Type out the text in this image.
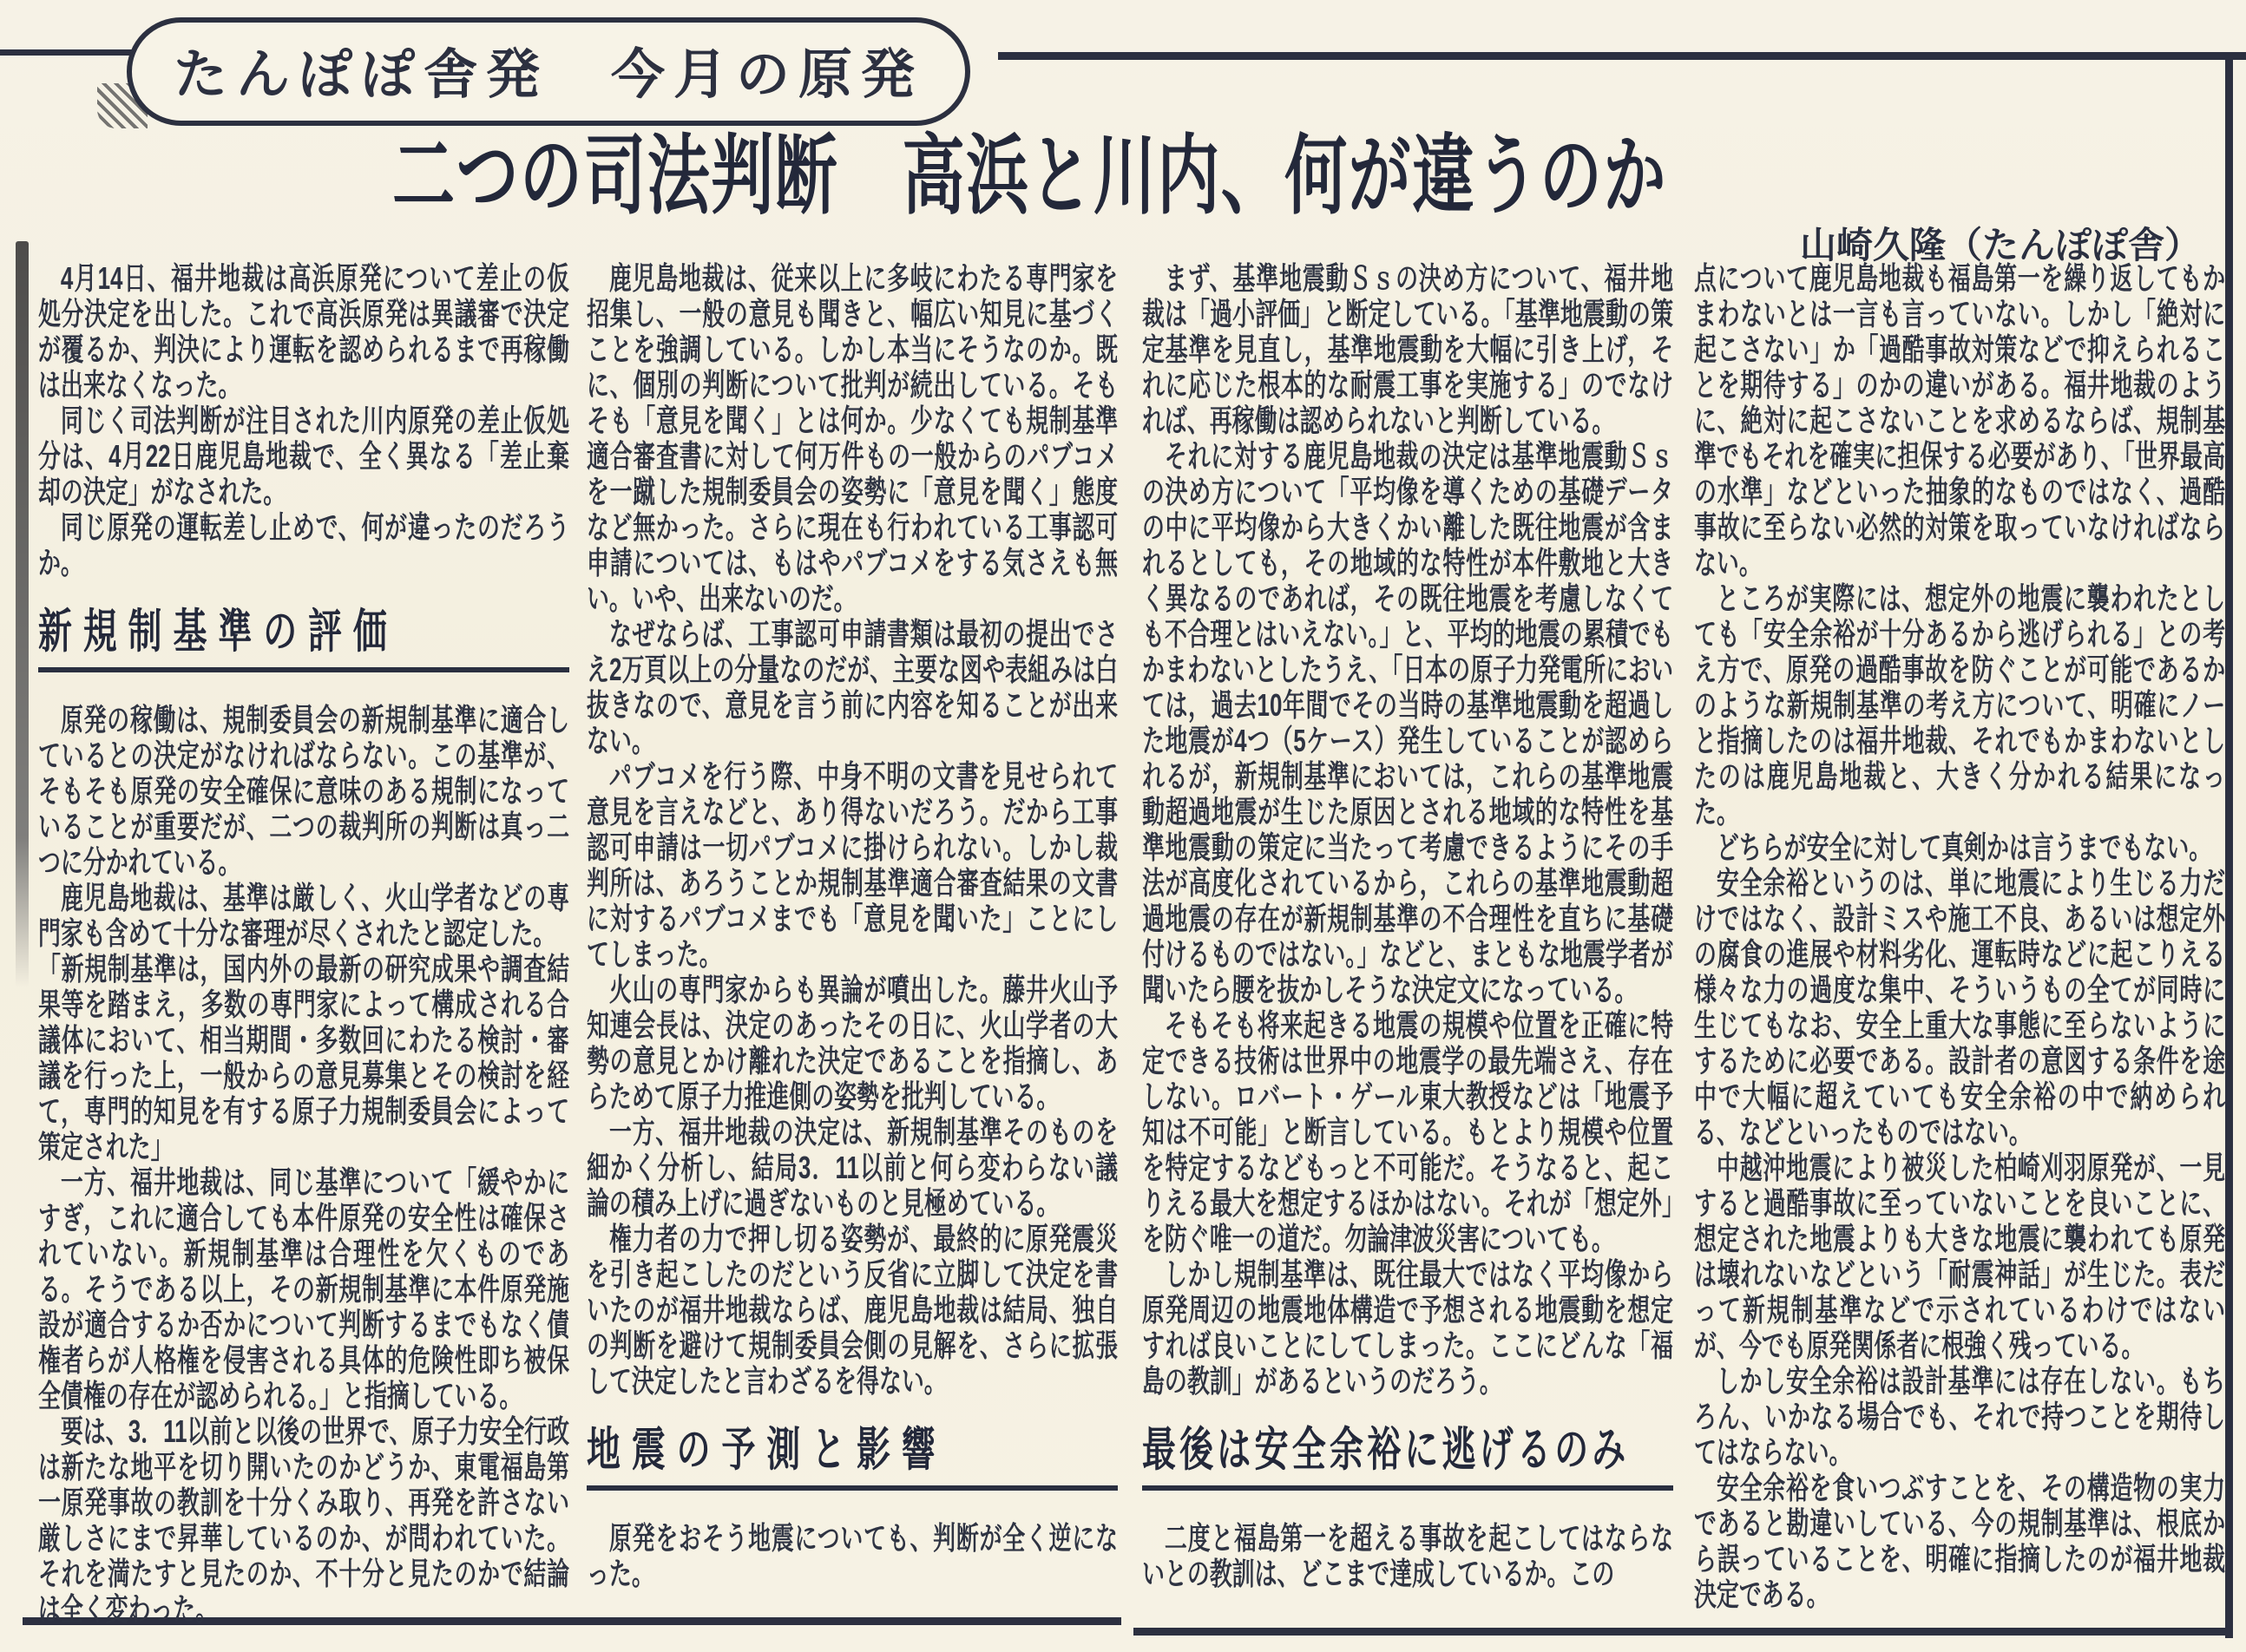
たんぽぽ舎発　今月の原発
二つの司法判断　高浜と川内、何が違うのか
山崎久隆（たんぽぽ舎）

4月14日、福井地裁は高浜原発について差止の仮処分決定を出した。これで高浜原発は異議審で決定が覆るか、判決により運転を認められるまで再稼働は出来なくなった。

同じく司法判断が注目された川内原発の差止仮処分は、4月22日鹿児島地裁で、全く異なる「差止棄却の決定」がなされた。

同じ原発の運転差し止めで、何が違ったのだろうか。

新規制基準の評価

原発の稼働は、規制委員会の新規制基準に適合しているとの決定がなければならない。この基準が、そもそも原発の安全確保に意味のある規制になっていることが重要だが、二つの裁判所の判断は真っ二つに分かれている。

鹿児島地裁は、基準は厳しく、火山学者などの専門家も含めて十分な審理が尽くされたと認定した。

「新規制基準は，国内外の最新の研究成果や調査結果等を踏まえ，多数の専門家によって構成される合議体において、相当期間・多数回にわたる検討・審議を行った上，一般からの意見募集とその検討を経て，専門的知見を有する原子力規制委員会によって策定された」

一方、福井地裁は、同じ基準について「緩やかにすぎ，これに適合しても本件原発の安全性は確保されていない。新規制基準は合理性を欠くものである。そうである以上，その新規制基準に本件原発施設が適合するか否かについて判断するまでもなく債権者らが人格権を侵害される具体的危険性即ち被保全債権の存在が認められる。」と指摘している。

要は、3．11以前と以後の世界で、原子力安全行政は新たな地平を切り開いたのかどうか、東電福島第一原発事故の教訓を十分くみ取り、再発を許さない厳しさにまで昇華しているのか、が問われていた。それを満たすと見たのか、不十分と見たのかで結論は全く変わった。

鹿児島地裁は、従来以上に多岐にわたる専門家を招集し、一般の意見も聞きと、幅広い知見に基づくことを強調している。しかし本当にそうなのか。既に、個別の判断について批判が続出している。そもそも「意見を聞く」とは何か。少なくても規制基準適合審査書に対して何万件もの一般からのパブコメを一蹴した規制委員会の姿勢に「意見を聞く」態度など無かった。さらに現在も行われている工事認可申請については、もはやパブコメをする気さえも無い。いや、出来ないのだ。

なぜならば、工事認可申請書類は最初の提出でさえ2万頁以上の分量なのだが、主要な図や表組みは白抜きなので、意見を言う前に内容を知ることが出来ない。

パブコメを行う際、中身不明の文書を見せられて意見を言えなどと、あり得ないだろう。だから工事認可申請は一切パブコメに掛けられない。しかし裁判所は、あろうことか規制基準適合審査結果の文書に対するパブコメまでも「意見を聞いた」ことにしてしまった。

火山の専門家からも異論が噴出した。藤井火山予知連会長は、決定のあったその日に、火山学者の大勢の意見とかけ離れた決定であることを指摘し、あらためて原子力推進側の姿勢を批判している。

一方、福井地裁の決定は、新規制基準そのものを細かく分析し、結局3．11以前と何ら変わらない議論の積み上げに過ぎないものと見極めている。

権力者の力で押し切る姿勢が、最終的に原発震災を引き起こしたのだという反省に立脚して決定を書いたのが福井地裁ならば、鹿児島地裁は結局、独自の判断を避けて規制委員会側の見解を、さらに拡張して決定したと言わざるを得ない。

地震の予測と影響

原発をおそう地震についても、判断が全く逆になった。

まず、基準地震動Ｓｓの決め方について、福井地裁は「過小評価」と断定している。「基準地震動の策定基準を見直し，基準地震動を大幅に引き上げ，それに応じた根本的な耐震工事を実施する」のでなければ、再稼働は認められないと判断している。

それに対する鹿児島地裁の決定は基準地震動Ｓｓの決め方について「平均像を導くための基礎データの中に平均像から大きくかい離した既往地震が含まれるとしても，その地域的な特性が本件敷地と大きく異なるのであれば，その既往地震を考慮しなくても不合理とはいえない。」と、平均的地震の累積でもかまわないとしたうえ、「日本の原子力発電所においては，過去10年間でその当時の基準地震動を超過した地震が4つ（5ケース）発生していることが認められるが，新規制基準においては，これらの基準地震動超過地震が生じた原因とされる地域的な特性を基準地震動の策定に当たって考慮できるようにその手法が高度化されているから，これらの基準地震動超過地震の存在が新規制基準の不合理性を直ちに基礎付けるものではない。」などと、まともな地震学者が聞いたら腰を抜かしそうな決定文になっている。

そもそも将来起きる地震の規模や位置を正確に特定できる技術は世界中の地震学の最先端さえ、存在しない。ロバート・ゲール東大教授などは「地震予知は不可能」と断言している。もとより規模や位置を特定するなどもっと不可能だ。そうなると、起こりえる最大を想定するほかはない。それが「想定外」を防ぐ唯一の道だ。勿論津波災害についても。

しかし規制基準は、既往最大ではなく平均像から原発周辺の地震地体構造で予想される地震動を想定すれば良いことにしてしまった。ここにどんな「福島の教訓」があるというのだろう。

最後は安全余裕に逃げるのみ

二度と福島第一を超える事故を起こしてはならないとの教訓は、どこまで達成しているか。この

点について鹿児島地裁も福島第一を繰り返してもかまわないとは一言も言っていない。しかし「絶対に起こさない」か「過酷事故対策などで抑えられることを期待する」のかの違いがある。福井地裁のように、絶対に起こさないことを求めるならば、規制基準でもそれを確実に担保する必要があり、「世界最高の水準」などといった抽象的なものではなく、過酷事故に至らない必然的対策を取っていなければならない。

ところが実際には、想定外の地震に襲われたとしても「安全余裕が十分あるから逃げられる」との考え方で、原発の過酷事故を防ぐことが可能であるかのような新規制基準の考え方について、明確にノーと指摘したのは福井地裁、それでもかまわないとしたのは鹿児島地裁と、大きく分かれる結果になった。

どちらが安全に対して真剣かは言うまでもない。

安全余裕というのは、単に地震により生じる力だけではなく、設計ミスや施工不良、あるいは想定外の腐食の進展や材料劣化、運転時などに起こりえる様々な力の過度な集中、そういうもの全てが同時に生じてもなお、安全上重大な事態に至らないようにするために必要である。設計者の意図する条件を途中で大幅に超えていても安全余裕の中で納められる、などといったものではない。

中越沖地震により被災した柏崎刈羽原発が、一見すると過酷事故に至っていないことを良いことに、想定された地震よりも大きな地震に襲われても原発は壊れないなどという「耐震神話」が生じた。表だって新規制基準などで示されているわけではないが、今でも原発関係者に根強く残っている。

しかし安全余裕は設計基準には存在しない。もちろん、いかなる場合でも、それで持つことを期待してはならない。

安全余裕を食いつぶすことを、その構造物の実力であると勘違いしている、今の規制基準は、根底から誤っていることを、明確に指摘したのが福井地裁決定である。
